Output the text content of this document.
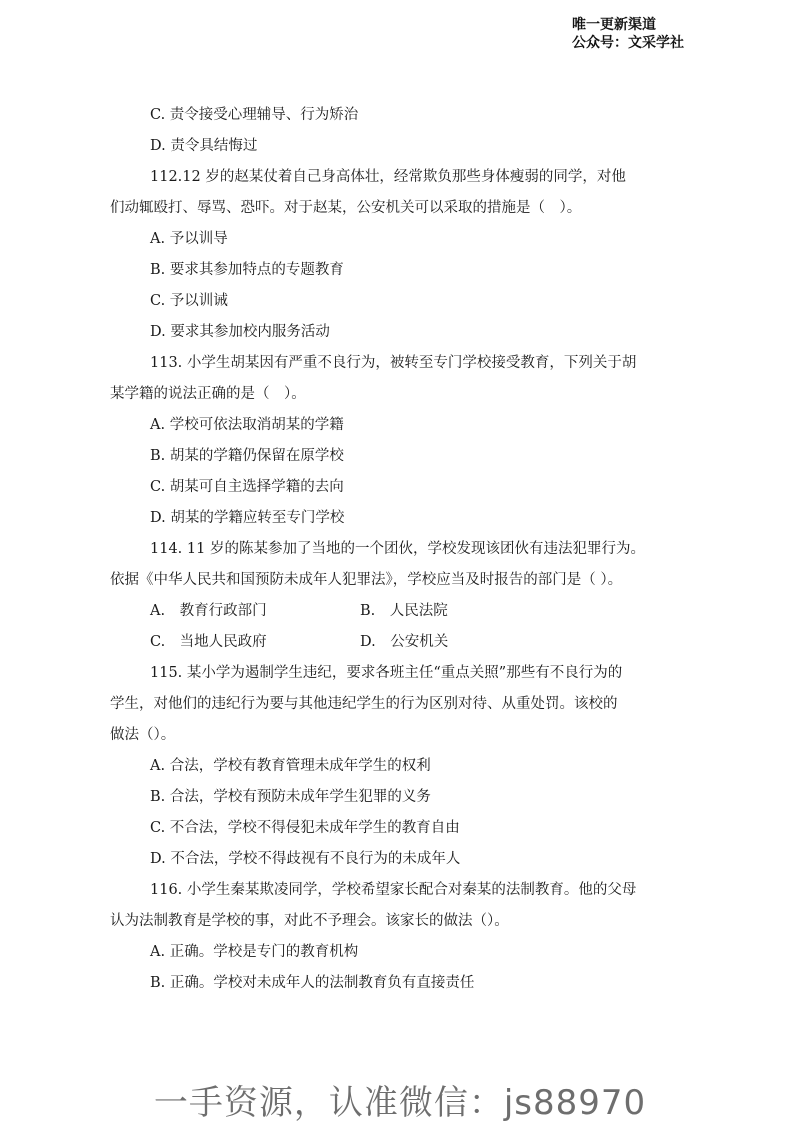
唯一更新渠道
公众号：文采学社
C. 责令接受心理辅导、行为矫治
D. 责令具结悔过
112.12 岁的赵某仗着自己身高体壮，经常欺负那些身体瘦弱的同学，对他
们动辄殴打、辱骂、恐吓。对于赵某，公安机关可以采取的措施是（　）。
A. 予以训导
B. 要求其参加特点的专题教育
C. 予以训诫
D. 要求其参加校内服务活动
113. 小学生胡某因有严重不良行为，被转至专门学校接受教育，下列关于胡
某学籍的说法正确的是（　）。
A. 学校可依法取消胡某的学籍
B. 胡某的学籍仍保留在原学校
C. 胡某可自主选择学籍的去向
D. 胡某的学籍应转至专门学校
114. 11 岁的陈某参加了当地的一个团伙，学校发现该团伙有违法犯罪行为。
依据《中华人民共和国预防未成年人犯罪法》，学校应当及时报告的部门是（ ）。
A.　教育行政部门	B.　人民法院
C.　当地人民政府	D.　公安机关
115. 某小学为遏制学生违纪，要求各班主任“重点关照”那些有不良行为的
学生，对他们的违纪行为要与其他违纪学生的行为区别对待、从重处罚。该校的
做法（）。
A. 合法，学校有教育管理未成年学生的权利
B. 合法，学校有预防未成年学生犯罪的义务
C. 不合法，学校不得侵犯未成年学生的教育自由
D. 不合法，学校不得歧视有不良行为的未成年人
116. 小学生秦某欺凌同学，学校希望家长配合对秦某的法制教育。他的父母
认为法制教育是学校的事，对此不予理会。该家长的做法（）。
A. 正确。学校是专门的教育机构
B. 正确。学校对未成年人的法制教育负有直接责任
一手资源，认准微信：js88970
